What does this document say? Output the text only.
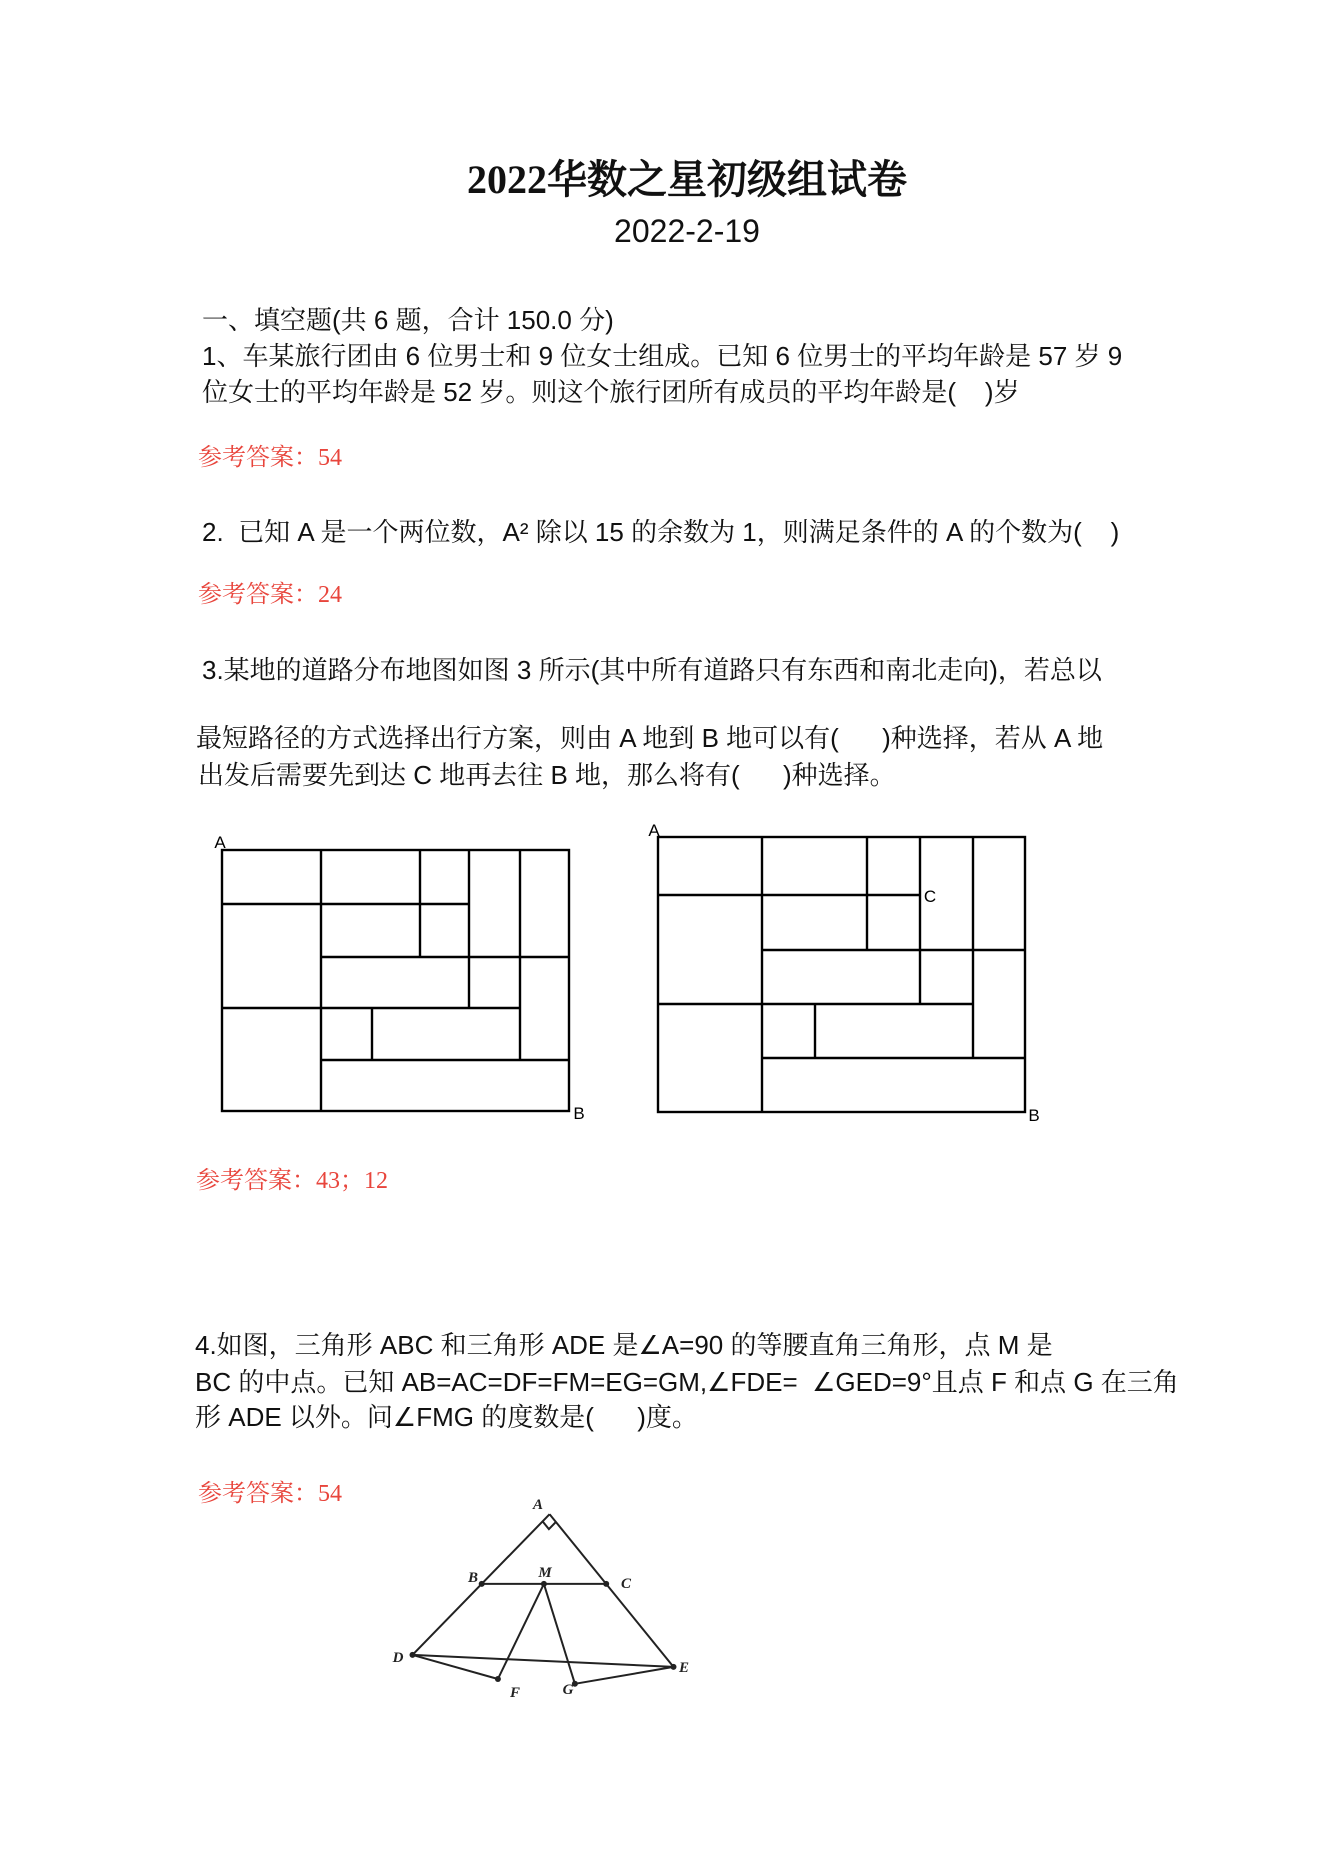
2022华数之星初级组试卷
2022-2-19
一、填空题(共 6 题，合计 150.0 分)
1、车某旅行团由 6 位男士和 9 位女士组成。已知 6 位男士的平均年龄是 57 岁 9
位女士的平均年龄是 52 岁。则这个旅行团所有成员的平均年龄是(    )岁
参考答案：54
2.  已知 A 是一个两位数，A² 除以 15 的余数为 1，则满足条件的 A 的个数为(    )
参考答案：24
3.某地的道路分布地图如图 3 所示(其中所有道路只有东西和南北走向)，若总以
最短路径的方式选择出行方案，则由 A 地到 B 地可以有(      )种选择，若从 A 地
出发后需要先到达 C 地再去往 B 地，那么将有(      )种选择。
A
B
A
C
B
参考答案：43；12
4.如图，三角形 ABC 和三角形 ADE 是∠A=90 的等腰直角三角形，点 M 是
BC 的中点。已知 AB=AC=DF=FM=EG=GM,∠FDE=  ∠GED=9°且点 F 和点 G 在三角
形 ADE 以外。问∠FMG 的度数是(      )度。
参考答案：54	A
B	M
C
D
E
F	G
